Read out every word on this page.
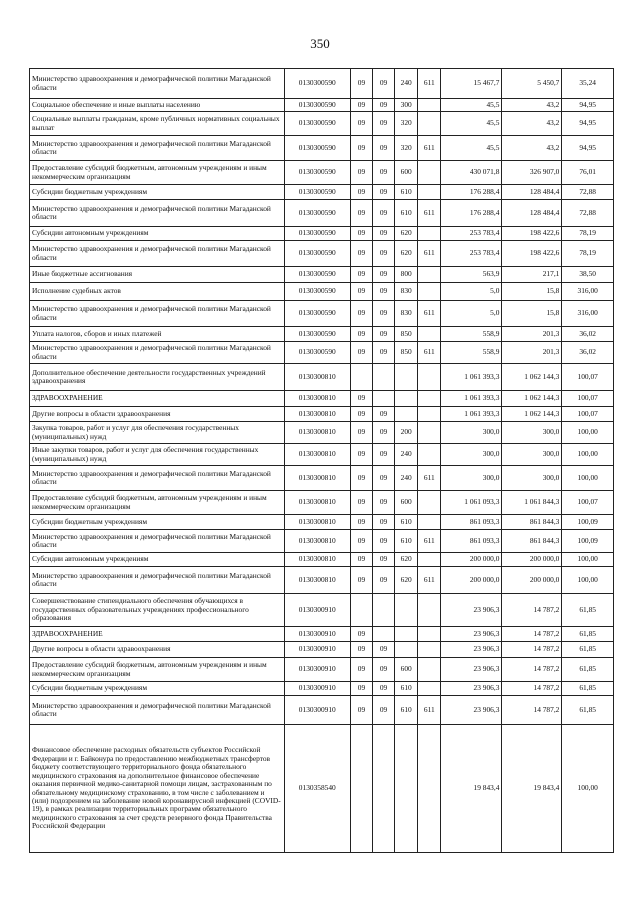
350
Министерство здравоохранения и демографической политики Магаданской области	0130300590	09	09	240	611	15 467,7	5 450,7	35,24
Социальное обеспечение и иные выплаты населению	0130300590	09	09	300		45,5	43,2	94,95
Социальные выплаты гражданам, кроме публичных нормативных социальных выплат	0130300590	09	09	320		45,5	43,2	94,95
Министерство здравоохранения и демографической политики Магаданской области	0130300590	09	09	320	611	45,5	43,2	94,95
Предоставление субсидий бюджетным, автономным учреждениям и иным некоммерческим организациям	0130300590	09	09	600		430 071,8	326 907,0	76,01
Субсидии бюджетным учреждениям	0130300590	09	09	610		176 288,4	128 484,4	72,88
Министерство здравоохранения и демографической политики Магаданской области	0130300590	09	09	610	611	176 288,4	128 484,4	72,88
Субсидии автономным учреждениям	0130300590	09	09	620		253 783,4	198 422,6	78,19
Министерство здравоохранения и демографической политики Магаданской области	0130300590	09	09	620	611	253 783,4	198 422,6	78,19
Иные бюджетные ассигнования	0130300590	09	09	800		563,9	217,1	38,50
Исполнение судебных актов	0130300590	09	09	830		5,0	15,8	316,00
Министерство здравоохранения и демографической политики Магаданской области	0130300590	09	09	830	611	5,0	15,8	316,00
Уплата налогов, сборов и иных платежей	0130300590	09	09	850		558,9	201,3	36,02
Министерство здравоохранения и демографической политики Магаданской области	0130300590	09	09	850	611	558,9	201,3	36,02
Дополнительное обеспечение деятельности государственных учреждений здравоохранения	0130300810					1 061 393,3	1 062 144,3	100,07
ЗДРАВООХРАНЕНИЕ	0130300810	09				1 061 393,3	1 062 144,3	100,07
Другие вопросы в области здравоохранения	0130300810	09	09			1 061 393,3	1 062 144,3	100,07
Закупка товаров, работ и услуг для обеспечения государственных (муниципальных) нужд	0130300810	09	09	200		300,0	300,0	100,00
Иные закупки товаров, работ и услуг для обеспечения государственных (муниципальных) нужд	0130300810	09	09	240		300,0	300,0	100,00
Министерство здравоохранения и демографической политики Магаданской области	0130300810	09	09	240	611	300,0	300,0	100,00
Предоставление субсидий бюджетным, автономным учреждениям и иным некоммерческим организациям	0130300810	09	09	600		1 061 093,3	1 061 844,3	100,07
Субсидии бюджетным учреждениям	0130300810	09	09	610		861 093,3	861 844,3	100,09
Министерство здравоохранения и демографической политики Магаданской области	0130300810	09	09	610	611	861 093,3	861 844,3	100,09
Субсидии автономным учреждениям	0130300810	09	09	620		200 000,0	200 000,0	100,00
Министерство здравоохранения и демографической политики Магаданской области	0130300810	09	09	620	611	200 000,0	200 000,0	100,00
Совершенствование стипендиального обеспечения обучающихся в государственных образовательных учреждениях профессионального образования	0130300910					23 906,3	14 787,2	61,85
ЗДРАВООХРАНЕНИЕ	0130300910	09				23 906,3	14 787,2	61,85
Другие вопросы в области здравоохранения	0130300910	09	09			23 906,3	14 787,2	61,85
Предоставление субсидий бюджетным, автономным учреждениям и иным некоммерческим организациям	0130300910	09	09	600		23 906,3	14 787,2	61,85
Субсидии бюджетным учреждениям	0130300910	09	09	610		23 906,3	14 787,2	61,85
Министерство здравоохранения и демографической политики Магаданской области	0130300910	09	09	610	611	23 906,3	14 787,2	61,85
Финансовое обеспечение расходных обязательств субъектов Российской Федерации и г. Байконура по предоставлению межбюджетных трансфертов бюджету соответствующего территориального фонда обязательного медицинского страхования на дополнительное финансовое обеспечение оказания первичной медико-санитарной помощи лицам, застрахованным по обязательному медицинскому страхованию, в том числе с заболеванием и (или) подозрением на заболевание новой коронавирусной инфекцией (COVID-19), в рамках реализации территориальных программ обязательного медицинского страхования за счет средств резервного фонда Правительства Российской Федерации	0130358540					19 843,4	19 843,4	100,00
